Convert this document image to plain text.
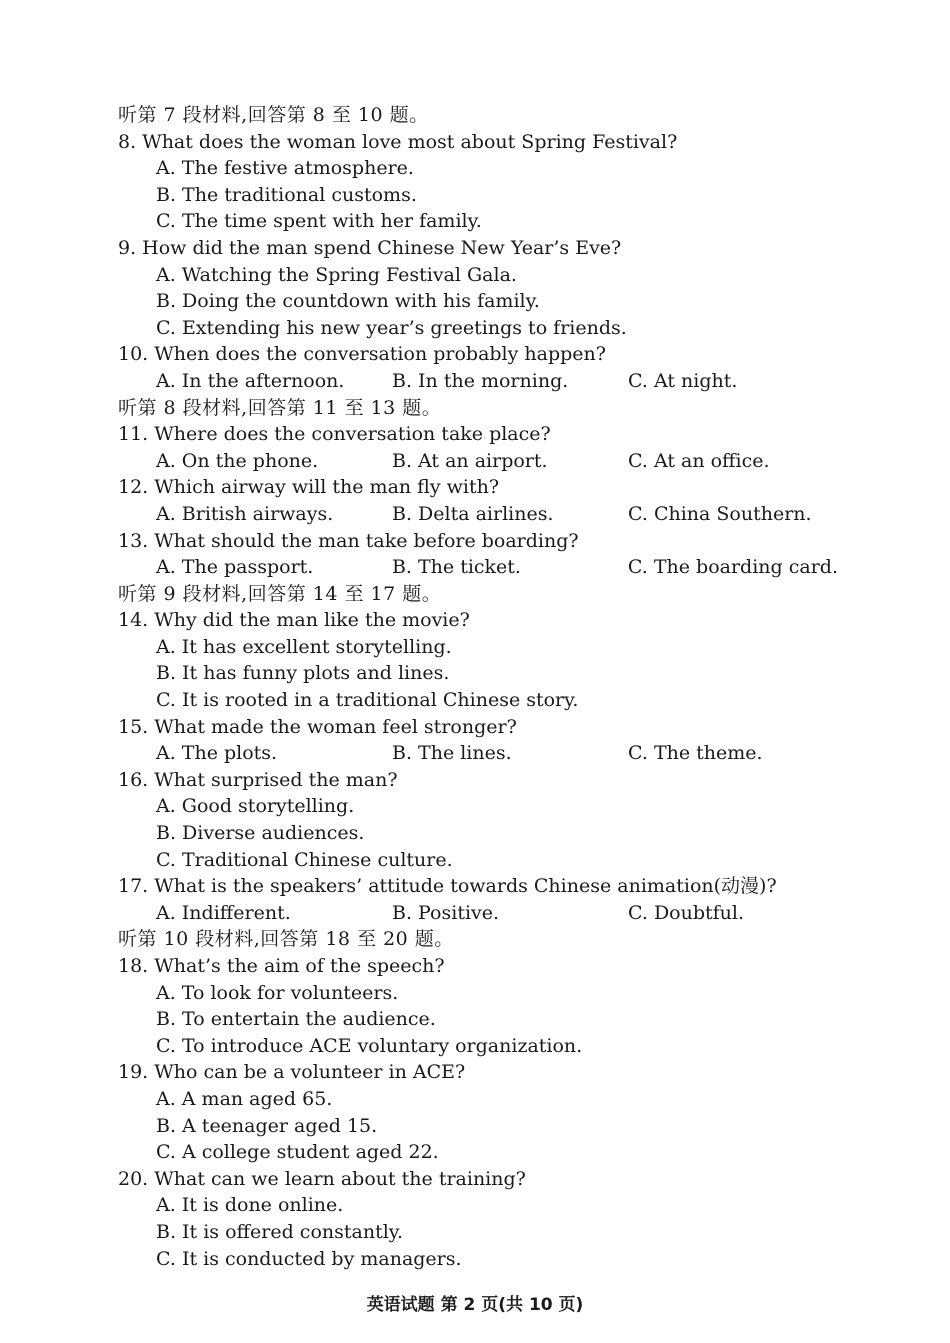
听第 7 段材料,回答第 8 至 10 题。
8. What does the woman love most about Spring Festival?
A. The festive atmosphere.
B. The traditional customs.
C. The time spent with her family.
9. How did the man spend Chinese New Year’s Eve?
A. Watching the Spring Festival Gala.
B. Doing the countdown with his family.
C. Extending his new year’s greetings to friends.
10. When does the conversation probably happen?
A. In the afternoon.	B. In the morning.	C. At night.
听第 8 段材料,回答第 11 至 13 题。
11. Where does the conversation take place?
A. On the phone.	B. At an airport.	C. At an office.
12. Which airway will the man fly with?
A. British airways.	B. Delta airlines.	C. China Southern.
13. What should the man take before boarding?
A. The passport.	B. The ticket.	C. The boarding card.
听第 9 段材料,回答第 14 至 17 题。
14. Why did the man like the movie?
A. It has excellent storytelling.
B. It has funny plots and lines.
C. It is rooted in a traditional Chinese story.
15. What made the woman feel stronger?
A. The plots.	B. The lines.	C. The theme.
16. What surprised the man?
A. Good storytelling.
B. Diverse audiences.
C. Traditional Chinese culture.
17. What is the speakers’ attitude towards Chinese animation(动漫)?
A. Indifferent.	B. Positive.	C. Doubtful.
听第 10 段材料,回答第 18 至 20 题。
18. What’s the aim of the speech?
A. To look for volunteers.
B. To entertain the audience.
C. To introduce ACE voluntary organization.
19. Who can be a volunteer in ACE?
A. A man aged 65.
B. A teenager aged 15.
C. A college student aged 22.
20. What can we learn about the training?
A. It is done online.
B. It is offered constantly.
C. It is conducted by managers.
英语试题 第 2 页(共 10 页)
